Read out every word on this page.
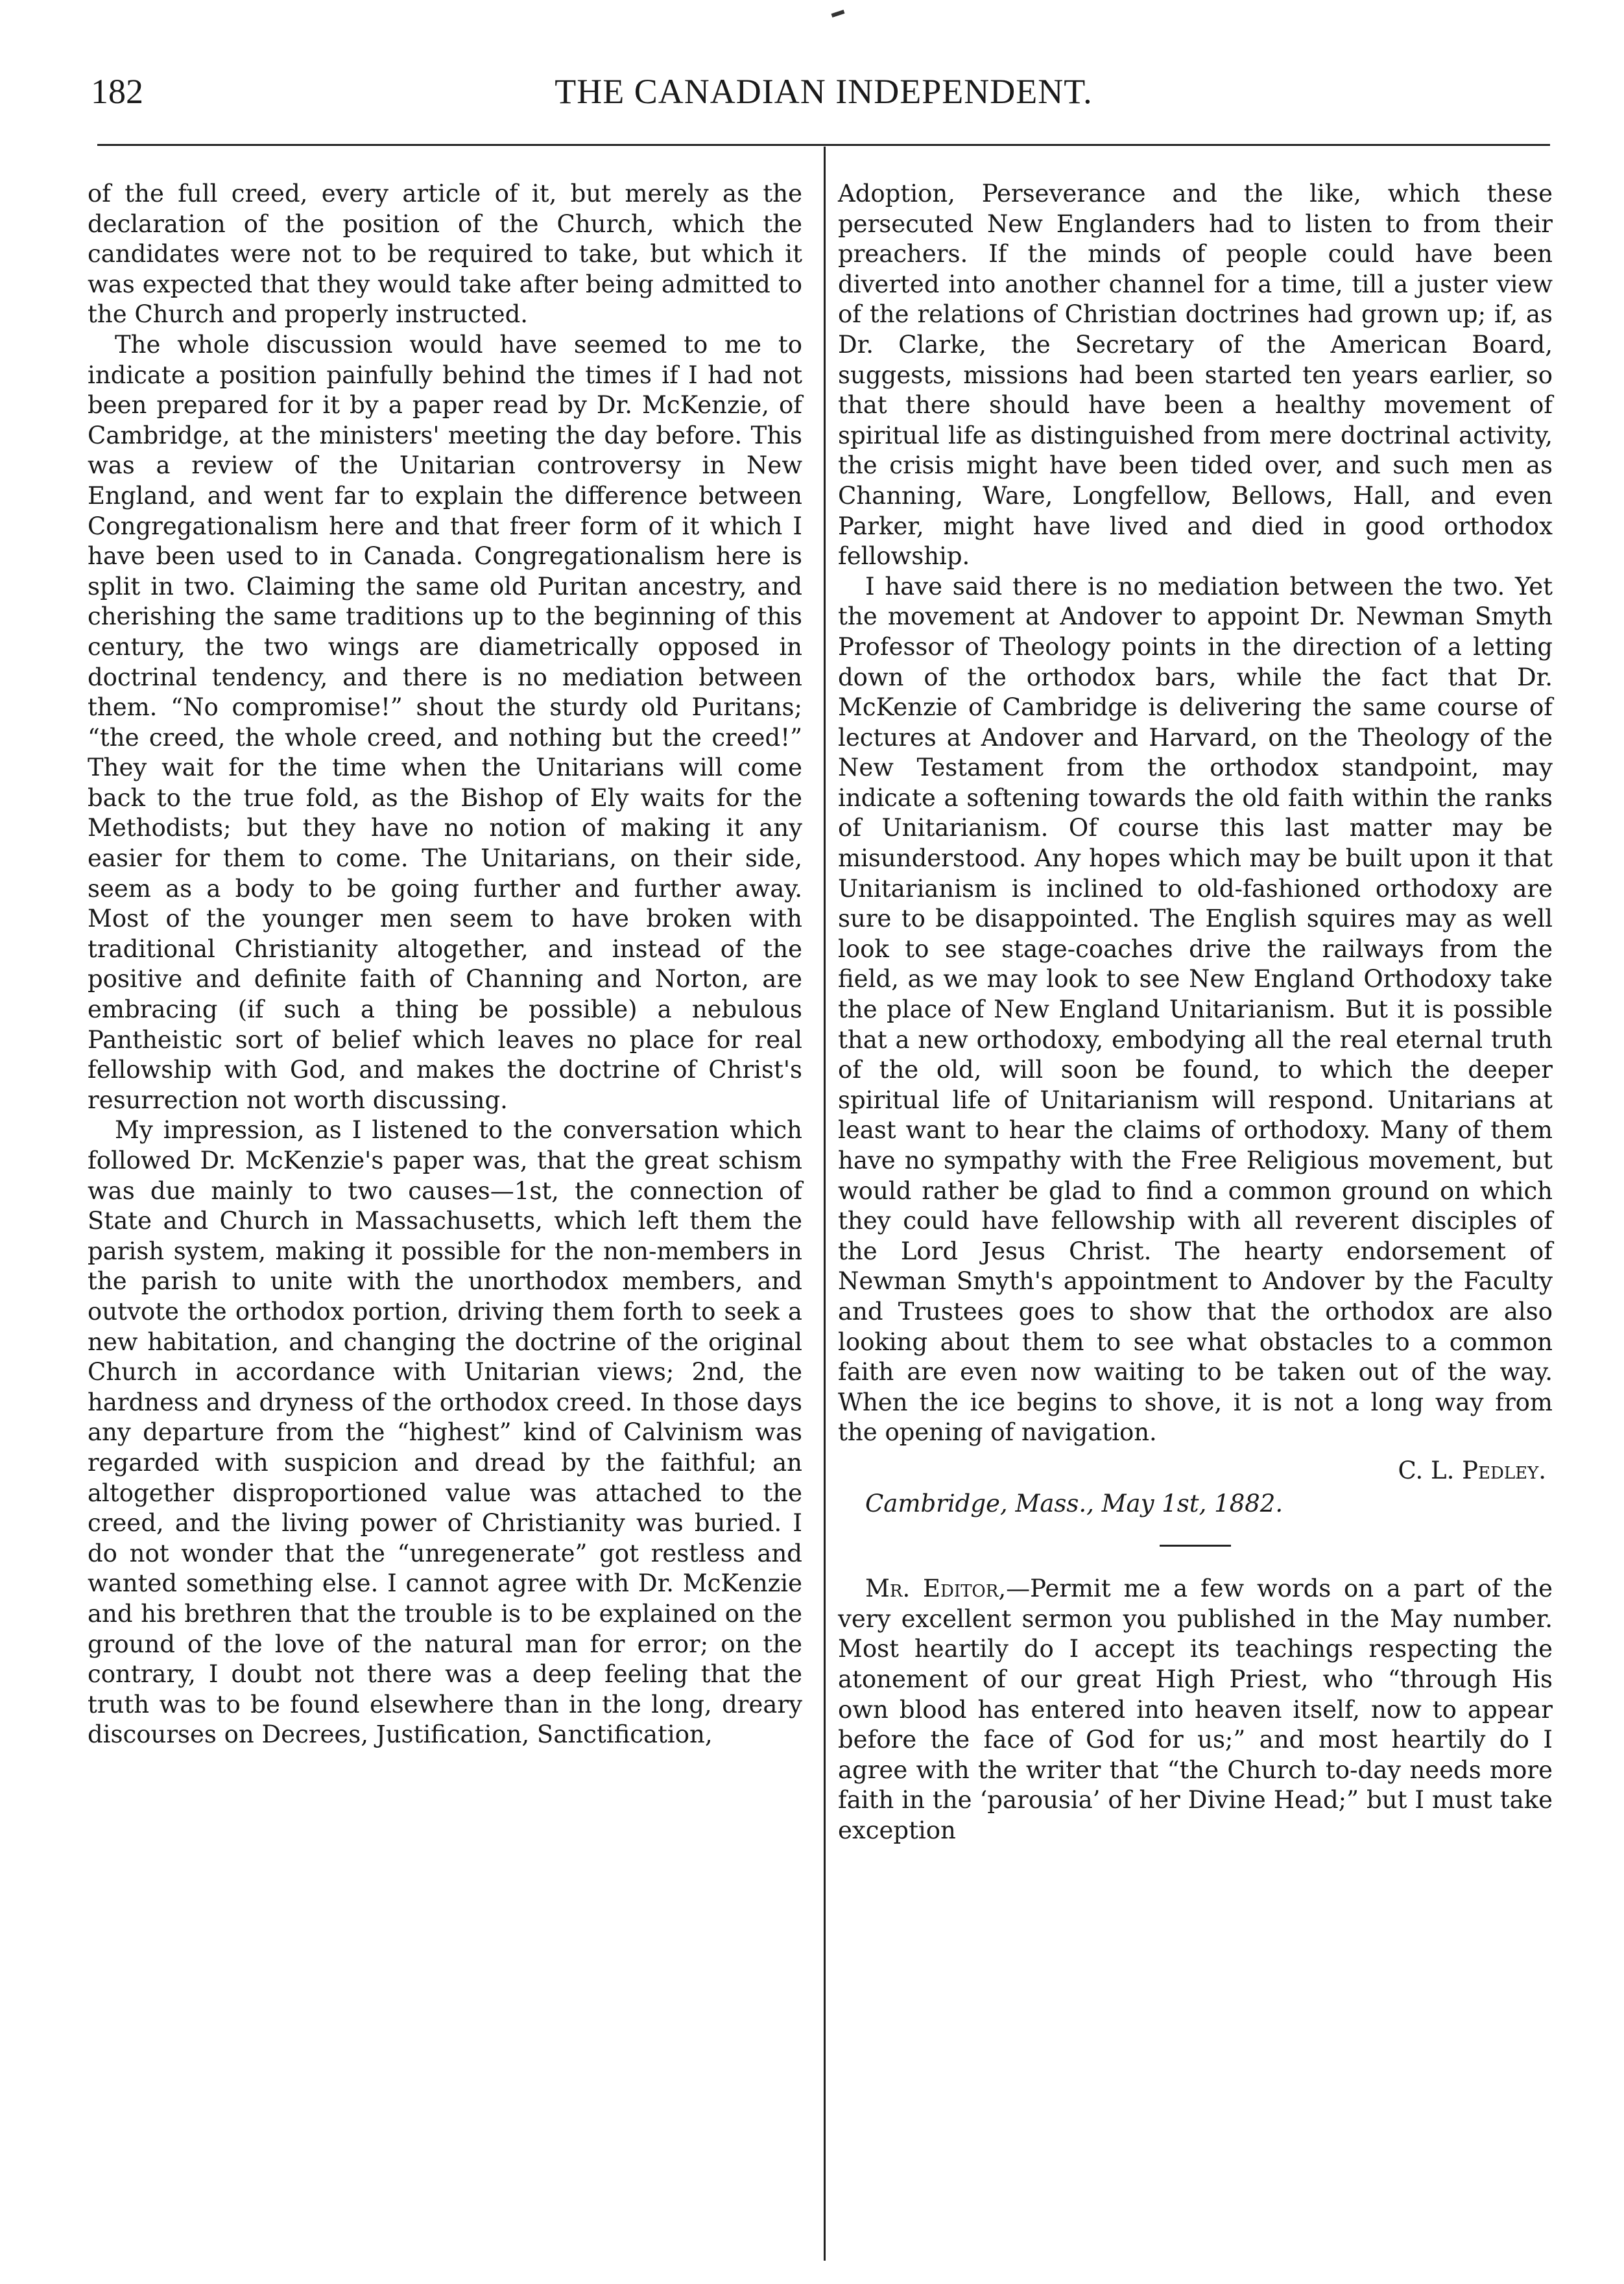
182	THE CANADIAN INDEPENDENT.

of the full creed, every article of it, but merely as the declaration of the position of the Church, which the candidates were not to be required to take, but which it was expected that they would take after being admitted to the Church and properly instructed.

The whole discussion would have seemed to me to indicate a position painfully behind the times if I had not been prepared for it by a paper read by Dr. McKenzie, of Cambridge, at the ministers' meeting the day before. This was a review of the Unitarian controversy in New England, and went far to explain the difference between Congregationalism here and that freer form of it which I have been used to in Canada. Congregationalism here is split in two. Claiming the same old Puritan ancestry, and cherishing the same traditions up to the beginning of this century, the two wings are diametrically opposed in doctrinal tendency, and there is no mediation between them. “No compromise!” shout the sturdy old Puritans; “the creed, the whole creed, and nothing but the creed!” They wait for the time when the Unitarians will come back to the true fold, as the Bishop of Ely waits for the Methodists; but they have no notion of making it any easier for them to come. The Unitarians, on their side, seem as a body to be going further and further away. Most of the younger men seem to have broken with traditional Christianity altogether, and instead of the positive and definite faith of Channing and Norton, are embracing (if such a thing be possible) a nebulous Pantheistic sort of belief which leaves no place for real fellowship with God, and makes the doctrine of Christ's resurrection not worth discussing.

My impression, as I listened to the conversation which followed Dr. McKenzie's paper was, that the great schism was due mainly to two causes—1st, the connection of State and Church in Massachusetts, which left them the parish system, making it possible for the non-members in the parish to unite with the unorthodox members, and outvote the orthodox portion, driving them forth to seek a new habitation, and changing the doctrine of the original Church in accordance with Unitarian views; 2nd, the hardness and dryness of the orthodox creed. In those days any departure from the “highest” kind of Calvinism was regarded with suspicion and dread by the faithful; an altogether disproportioned value was attached to the creed, and the living power of Christianity was buried. I do not wonder that the “unregenerate” got restless and wanted something else. I cannot agree with Dr. McKenzie and his brethren that the trouble is to be explained on the ground of the love of the natural man for error; on the contrary, I doubt not there was a deep feeling that the truth was to be found elsewhere than in the long, dreary discourses on Decrees, Justification, Sanctification,

Adoption, Perseverance and the like, which these persecuted New Englanders had to listen to from their preachers. If the minds of people could have been diverted into another channel for a time, till a juster view of the relations of Christian doctrines had grown up; if, as Dr. Clarke, the Secretary of the American Board, suggests, missions had been started ten years earlier, so that there should have been a healthy movement of spiritual life as distinguished from mere doctrinal activity, the crisis might have been tided over, and such men as Channing, Ware, Longfellow, Bellows, Hall, and even Parker, might have lived and died in good orthodox fellowship.

I have said there is no mediation between the two. Yet the movement at Andover to appoint Dr. Newman Smyth Professor of Theology points in the direction of a letting down of the orthodox bars, while the fact that Dr. McKenzie of Cambridge is delivering the same course of lectures at Andover and Harvard, on the Theology of the New Testament from the orthodox standpoint, may indicate a softening towards the old faith within the ranks of Unitarianism. Of course this last matter may be misunderstood. Any hopes which may be built upon it that Unitarianism is inclined to old-fashioned orthodoxy are sure to be disappointed. The English squires may as well look to see stage-coaches drive the railways from the field, as we may look to see New England Orthodoxy take the place of New England Unitarianism. But it is possible that a new orthodoxy, embodying all the real eternal truth of the old, will soon be found, to which the deeper spiritual life of Unitarianism will respond. Unitarians at least want to hear the claims of orthodoxy. Many of them have no sympathy with the Free Religious movement, but would rather be glad to find a common ground on which they could have fellowship with all reverent disciples of the Lord Jesus Christ. The hearty endorsement of Newman Smyth's appointment to Andover by the Faculty and Trustees goes to show that the orthodox are also looking about them to see what obstacles to a common faith are even now waiting to be taken out of the way. When the ice begins to shove, it is not a long way from the opening of navigation.

C. L. Pedley.
Cambridge, Mass., May 1st, 1882.

Mr. Editor,—Permit me a few words on a part of the very excellent sermon you published in the May number. Most heartily do I accept its teachings respecting the atonement of our great High Priest, who “through His own blood has entered into heaven itself, now to appear before the face of God for us;” and most heartily do I agree with the writer that “the Church to-day needs more faith in the ‘parousia’ of her Divine Head;” but I must take exception
